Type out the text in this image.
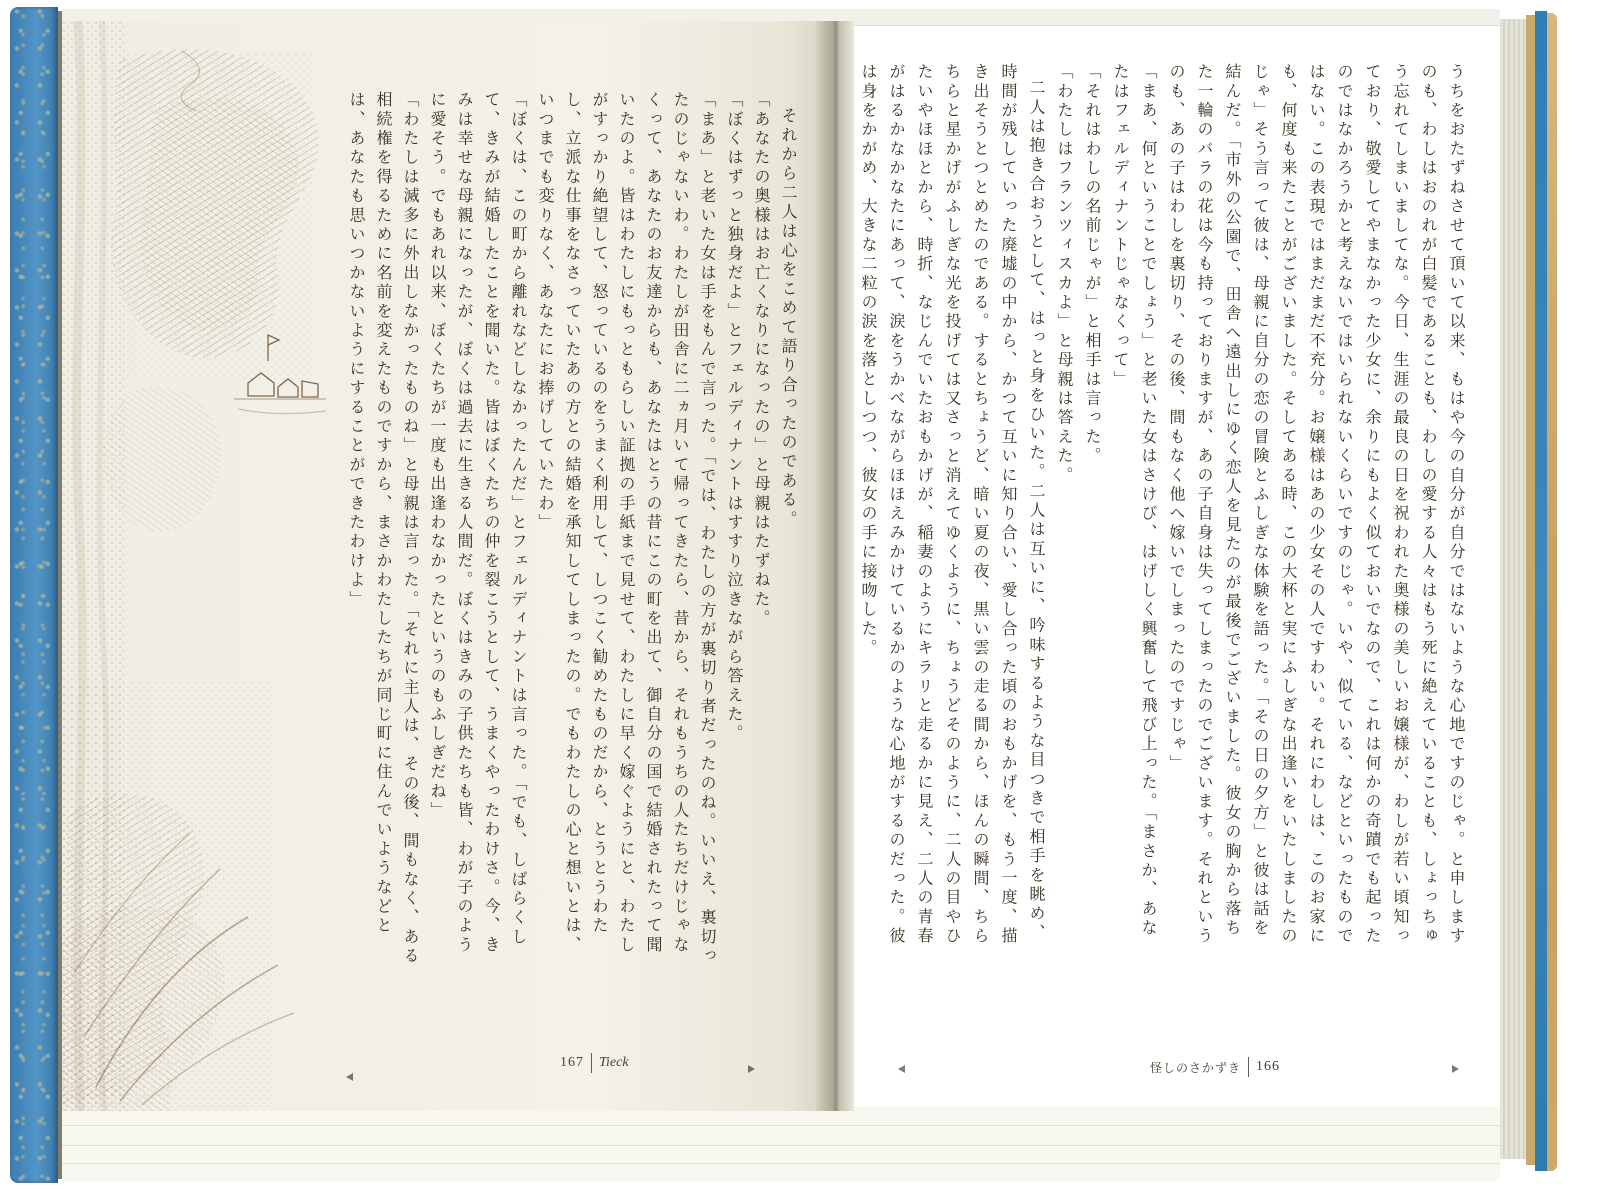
それから二人は心をこめて語り合ったのである。

「あなたの奥様はお亡くなりになったの」と母親はたずねた。

「ぼくはずっと独身だよ」とフェルディナントはすすり泣きながら答えた。

「まあ」と老いた女は手をもんで言った。「では、わたしの方が裏切り者だったのね。いいえ、裏切ったのじゃないわ。わたしが田舎に二ヵ月いて帰ってきたら、昔から、それもうちの人たちだけじゃなくって、あなたのお友達からも、あなたはとうの昔にこの町を出て、御自分の国で結婚されたって聞いたのよ。皆はわたしにもっともらしい証拠の手紙まで見せて、わたしに早く嫁ぐようにと、わたしがすっかり絶望して、怒っているのをうまく利用して、しつこく勧めたものだから、とうとうわたし、立派な仕事をなさっていたあの方との結婚を承知してしまったの。でもわたしの心と想いとは、いつまでも変りなく、あなたにお捧げしていたわ」

「ぼくは、この町から離れなどしなかったんだ」とフェルディナントは言った。「でも、しばらくして、きみが結婚したことを聞いた。皆はぼくたちの仲を裂こうとして、うまくやったわけさ。今、きみは幸せな母親になったが、ぼくは過去に生きる人間だ。ぼくはきみの子供たちも皆、わが子のように愛そう。でもあれ以来、ぼくたちが一度も出逢わなかったというのもふしぎだね」

「わたしは滅多に外出しなかったものね」と母親は言った。「それに主人は、その後、間もなく、ある相続権を得るために名前を変えたものですから、まさかわたしたちが同じ町に住んでいようなどとは、あなたも思いつかないようにすることができたわけよ」

167 Tieck

うちをおたずねさせて頂いて以来、もはや今の自分が自分ではないような心地ですのじゃ。と申しますのも、わしはおのれが白髪であることも、わしの愛する人々はもう死に絶えていることも、しょっちゅう忘れてしまいましてな。今日、生涯の最良の日を祝われた奥様の美しいお嬢様が、わしが若い頃知っており、敬愛してやまなかった少女に、余りにもよく似ておいでなので、これは何かの奇蹟でも起ったのではなかろうかと考えないではいられないくらいですのじゃ。いや、似ている、などといったものではない。この表現ではまだまだ不充分。お嬢様はあの少女その人ですわい。それにわしは、このお家にも、何度も来たことがございました。そしてある時、この大杯と実にふしぎな出逢いをいたしましたのじゃ」そう言って彼は、母親に自分の恋の冒険とふしぎな体験を語った。「その日の夕方」と彼は話を結んだ。「市外の公園で、田舎へ遠出しにゆく恋人を見たのが最後でございました。彼女の胸から落ちた一輪のバラの花は今も持っておりますが、あの子自身は失ってしまったのでございます。それというのも、あの子はわしを裏切り、その後、間もなく他へ嫁いでしまったのですじゃ」

「まあ、何ということでしょう」と老いた女はさけび、はげしく興奮して飛び上った。「まさか、あなたはフェルディナントじゃなくって」

「それはわしの名前じゃが」と相手は言った。

「わたしはフランツィスカよ」と母親は答えた。

二人は抱き合おうとして、はっと身をひいた。二人は互いに、吟味するような目つきで相手を眺め、時間が残していった廃墟の中から、かつて互いに知り合い、愛し合った頃のおもかげを、もう一度、描き出そうとつとめたのである。するとちょうど、暗い夏の夜、黒い雲の走る間から、ほんの瞬間、ちらちらと星かげがふしぎな光を投げては又さっと消えてゆくように、ちょうどそのように、二人の目やひたいやほほとから、時折、なじんでいたおもかげが、稲妻のようにキラリと走るかに見え、二人の青春がはるかなかなたにあって、涙をうかべながらほほえみかけているかのような心地がするのだった。彼は身をかがめ、大きな二粒の涙を落としつつ、彼女の手に接吻した。

怪しのさかずき 166
